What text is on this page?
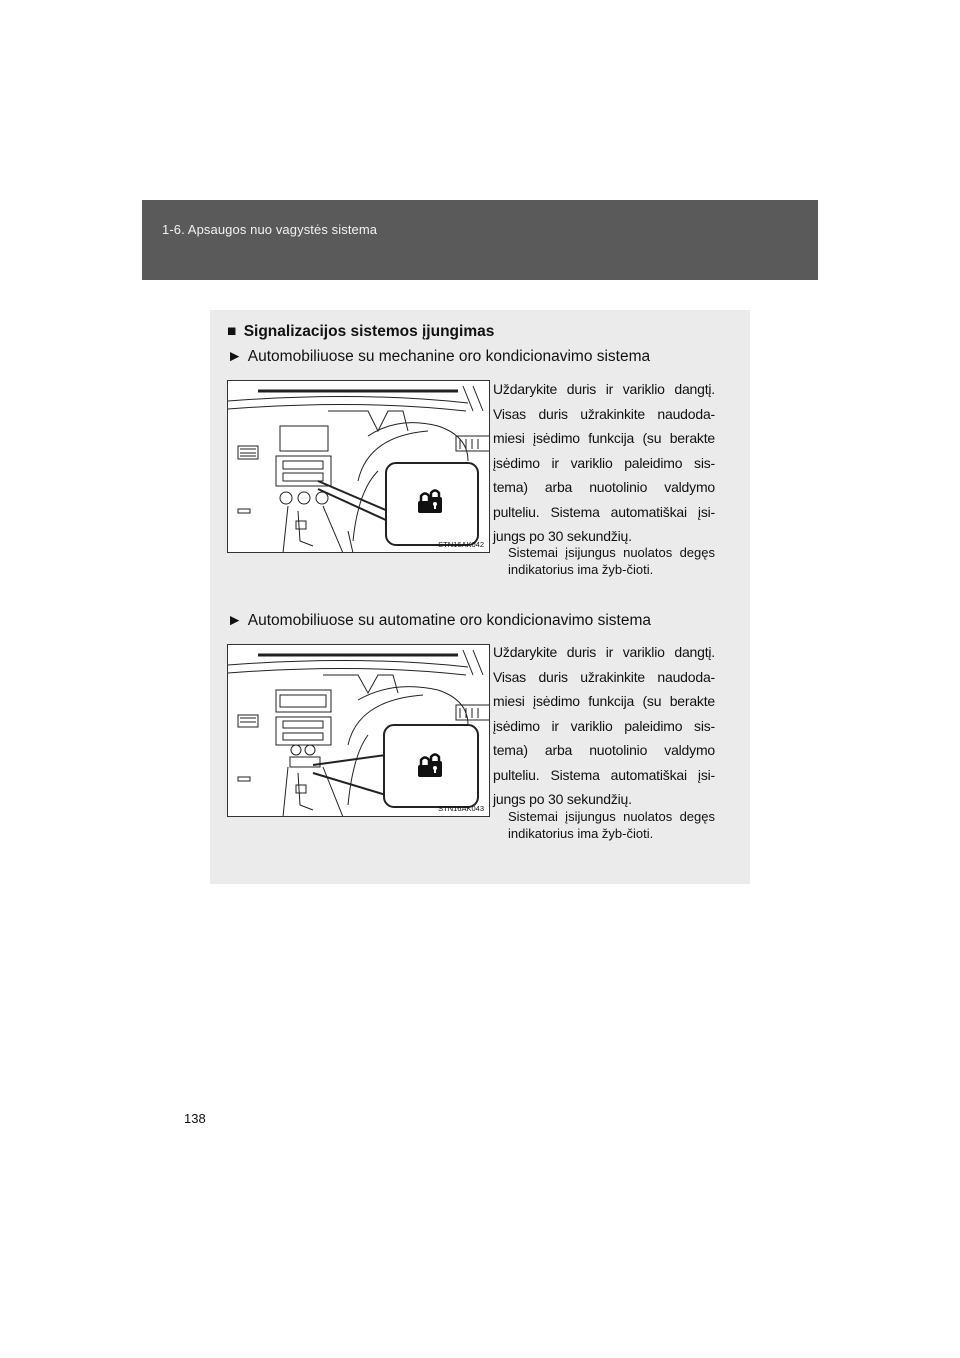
1-6. Apsaugos nuo vagystės sistema
■ Signalizacijos sistemos įjungimas
► Automobiliuose su mechanine oro kondicionavimo sistema
STN16AK042
Uždarykite duris ir variklio dangtį. Visas duris užrakinkite naudoda-miesi įsėdimo funkcija (su berakte įsėdimo ir variklio paleidimo sis-tema) arba nuotolinio valdymo pulteliu. Sistema automatiškai įsi-jungs po 30 sekundžių.
Sistemai įsijungus nuolatos degęs indikatorius ima žyb-čioti.
► Automobiliuose su automatine oro kondicionavimo sistema
STN16AK043
Uždarykite duris ir variklio dangtį. Visas duris užrakinkite naudoda-miesi įsėdimo funkcija (su berakte įsėdimo ir variklio paleidimo sis-tema) arba nuotolinio valdymo pulteliu. Sistema automatiškai įsi-jungs po 30 sekundžių.
Sistemai įsijungus nuolatos degęs indikatorius ima žyb-čioti.
138
